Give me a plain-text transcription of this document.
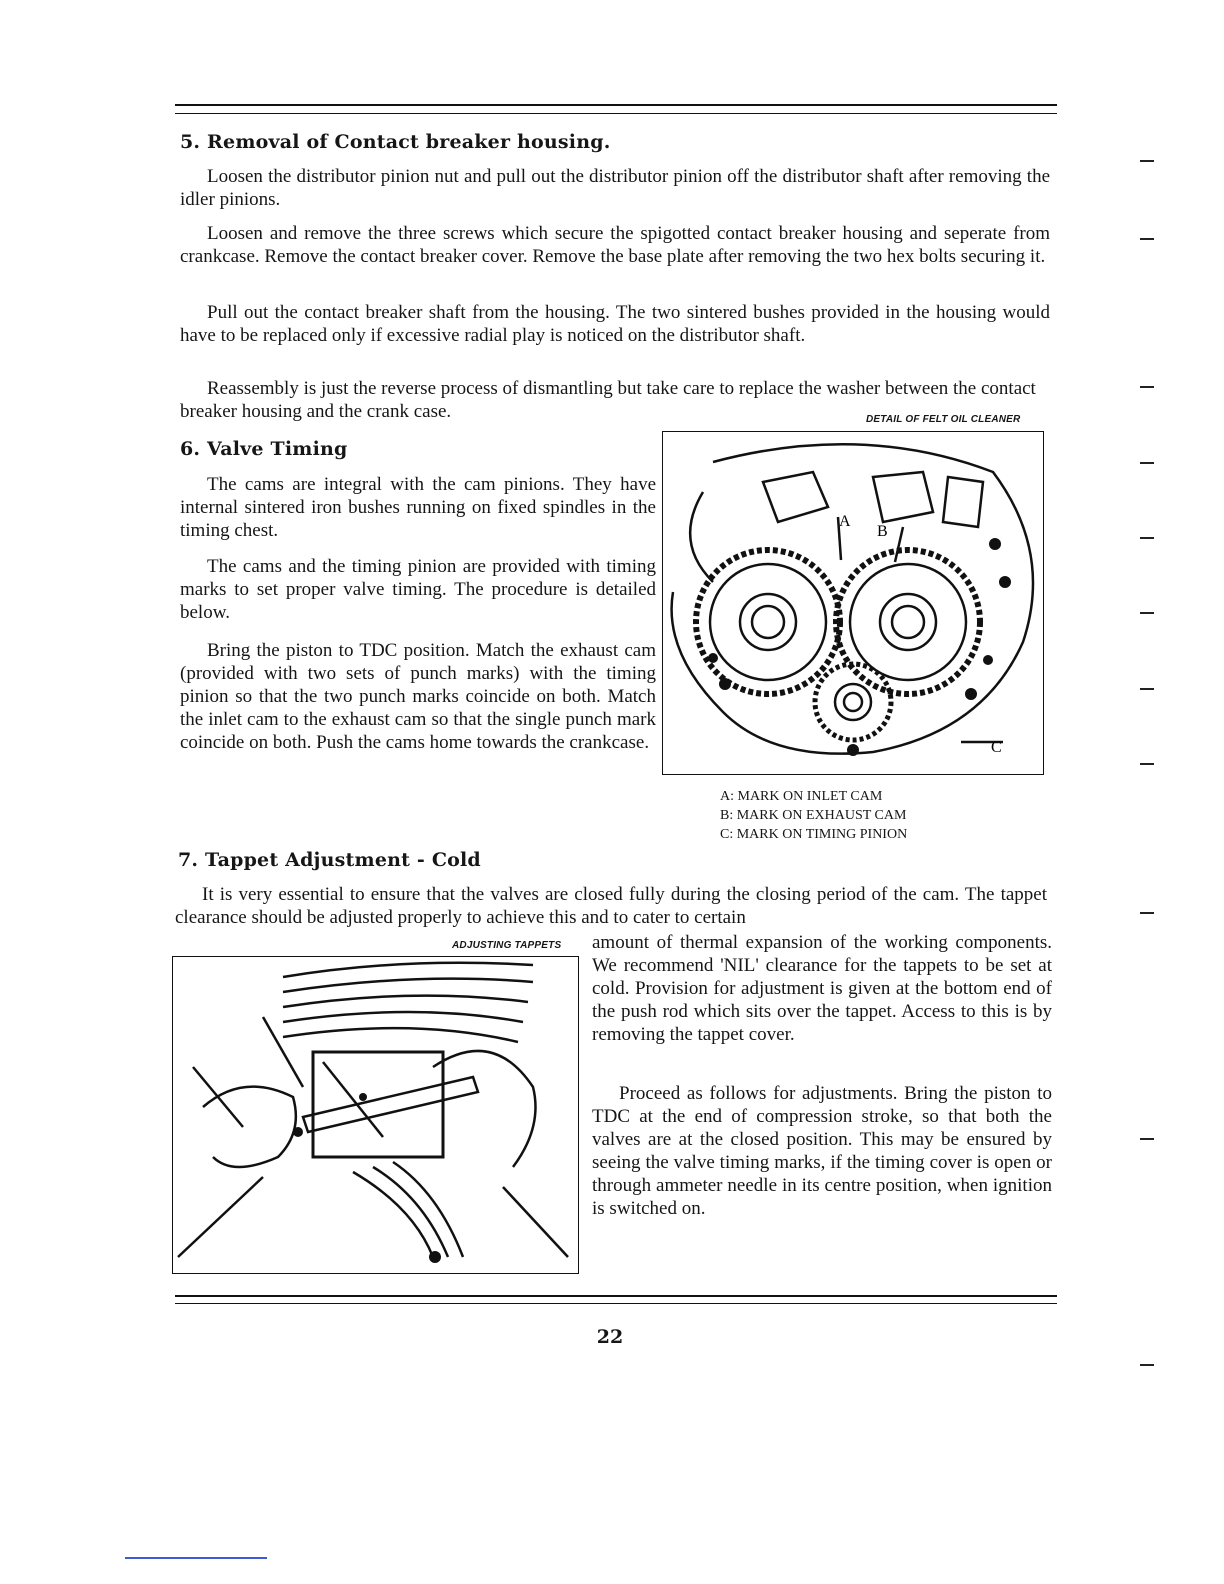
5. Removal of Contact breaker housing.

Loosen the distributor pinion nut and pull out the distributor pinion off the distributor shaft after removing the idler pinions.

Loosen and remove the three screws which secure the spigotted contact breaker housing and seperate from crankcase. Remove the contact breaker cover. Remove the base plate after removing the two hex bolts securing it.

Pull out the contact breaker shaft from the housing. The two sintered bushes provided in the housing would have to be replaced only if excessive radial play is noticed on the distributor shaft.

Reassembly is just the reverse process of dismantling but take care to replace the washer between the contact breaker housing and the crank case.

6. Valve Timing

The cams are integral with the cam pinions. They have internal sintered iron bushes running on fixed spindles in the timing chest.

The cams and the timing pinion are provided with timing marks to set proper valve timing. The procedure is detailed below.

Bring the piston to TDC position. Match the exhaust cam (provided with two sets of punch marks) with the timing pinion so that the two punch marks coincide on both. Match the inlet cam to the exhaust cam so that the single punch mark coincide on both. Push the cams home towards the crankcase.

DETAIL OF FELT OIL CLEANER

A
B
C

A: MARK ON INLET CAM

B: MARK ON EXHAUST CAM

C: MARK ON TIMING PINION

7. Tappet Adjustment - Cold

It is very essential to ensure that the valves are closed fully during the closing period of the cam. The tappet clearance should be adjusted properly to achieve this and to cater to certain

ADJUSTING TAPPETS amount of thermal expansion of the working components. We recommend 'NIL' clearance for the tappets to be set at cold. Provision for adjustment is given at the bottom end of the push rod which sits over the tappet. Access to this is by removing the tappet cover.

Proceed as follows for adjustments. Bring the piston to TDC at the end of compression stroke, so that both the valves are at the closed position. This may be ensured by seeing the valve timing marks, if the timing cover is open or through ammeter needle in its centre position, when ignition is switched on.

22
